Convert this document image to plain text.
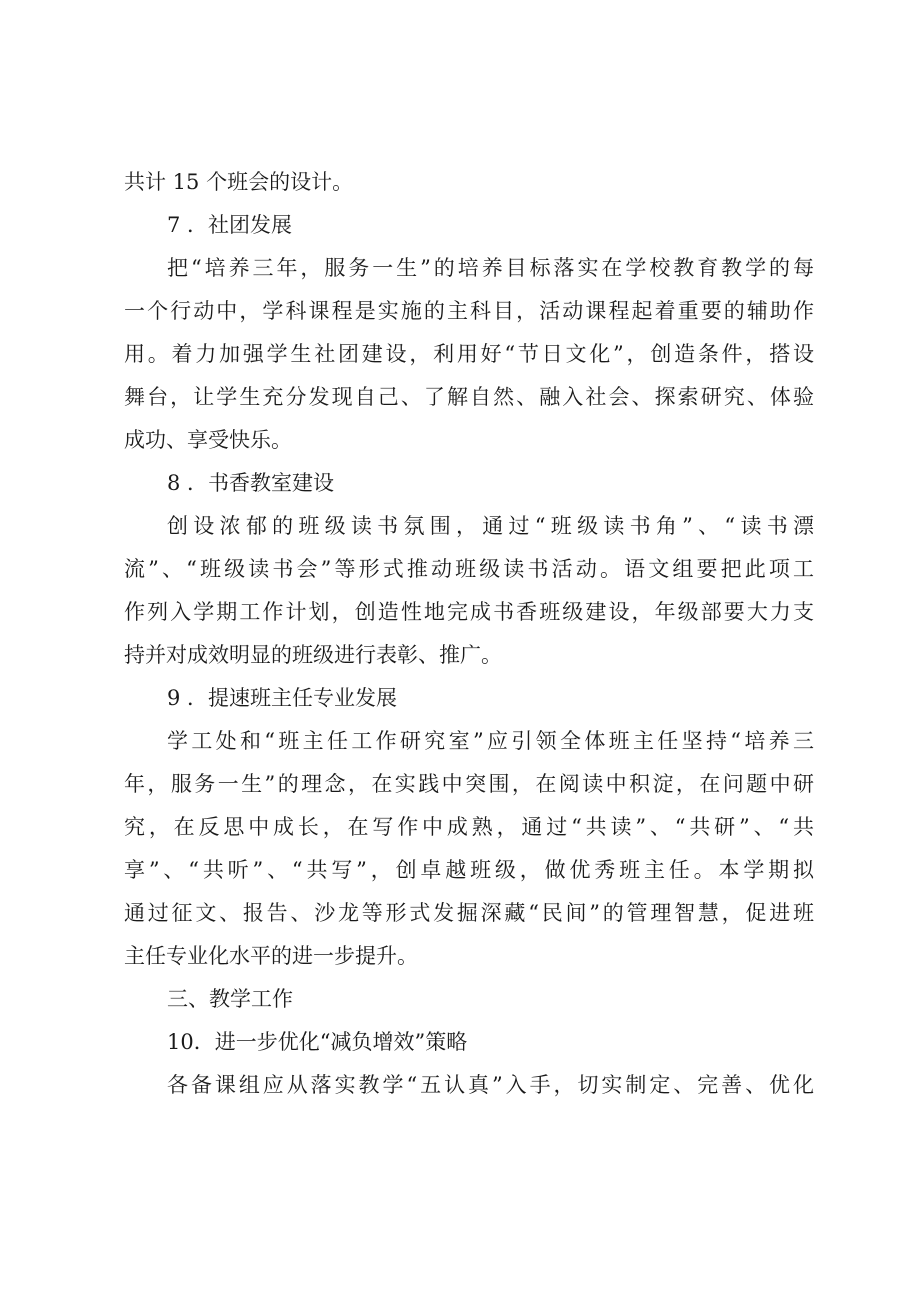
共计 15 个班会的设计。
7 ．社团发展
把“培养三年，服务一生”的培养目标落实在学校教育教学的每
一个行动中，学科课程是实施的主科目，活动课程起着重要的辅助作
用。着力加强学生社团建设，利用好“节日文化”，创造条件，搭设
舞台，让学生充分发现自己、了解自然、融入社会、探索研究、体验
成功、享受快乐。
8 ．书香教室建设
创设浓郁的班级读书氛围，通过“班级读书角”、“读书漂
流”、“班级读书会”等形式推动班级读书活动。语文组要把此项工
作列入学期工作计划，创造性地完成书香班级建设，年级部要大力支
持并对成效明显的班级进行表彰、推广。
9 ．提速班主任专业发展
学工处和“班主任工作研究室”应引领全体班主任坚持“培养三
年，服务一生”的理念，在实践中突围，在阅读中积淀，在问题中研
究，在反思中成长，在写作中成熟，通过“共读”、“共研”、“共
享”、“共听”、“共写”，创卓越班级，做优秀班主任。本学期拟
通过征文、报告、沙龙等形式发掘深藏“民间”的管理智慧，促进班
主任专业化水平的进一步提升。
三、教学工作
10．进一步优化“减负增效”策略
各备课组应从落实教学“五认真”入手，切实制定、完善、优化
